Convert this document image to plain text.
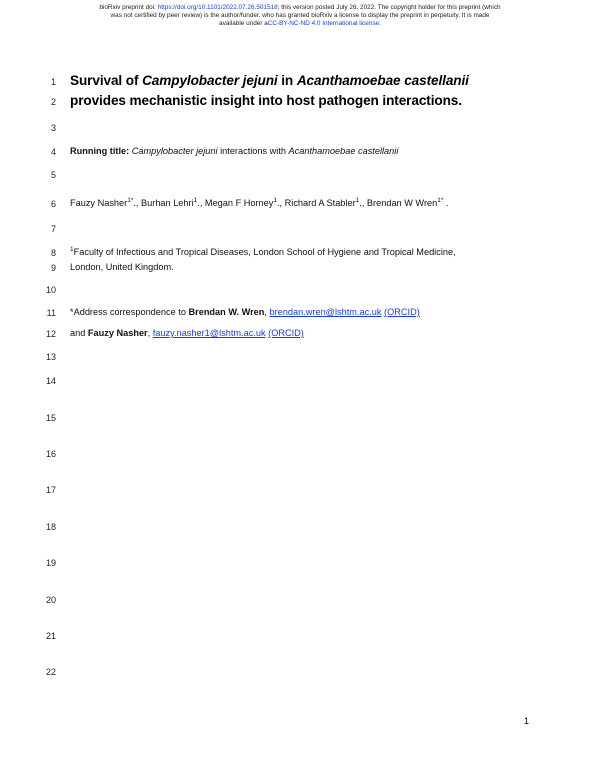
bioRxiv preprint doi: https://doi.org/10.1101/2022.07.26.501518; this version posted July 26, 2022. The copyright holder for this preprint (which
was not certified by peer review) is the author/funder, who has granted bioRxiv a license to display the preprint in perpetuity. It is made
available under aCC-BY-NC-ND 4.0 International license.
1
2
3
4
5
6
7
8
9
10
11
12
13
14
15
16
17
18
19
20
21
22
Survival of Campylobacter jejuni in Acanthamoebae castellanii
provides mechanistic insight into host pathogen interactions.
Running title: Campylobacter jejuni interactions with Acanthamoebae castellanii
Fauzy Nasher$^{1*}$., Burhan Lehri$^1$., Megan F Horney$^1$., Richard A Stabler$^1$., Brendan W Wren$^{1*}$ .
$^1$Faculty of Infectious and Tropical Diseases, London School of Hygiene and Tropical Medicine,
London, United Kingdom.
*Address correspondence to Brendan W. Wren, brendan.wren@lshtm.ac.uk (ORCID)
and Fauzy Nasher, fauzy.nasher1@lshtm.ac.uk (ORCID)
1
